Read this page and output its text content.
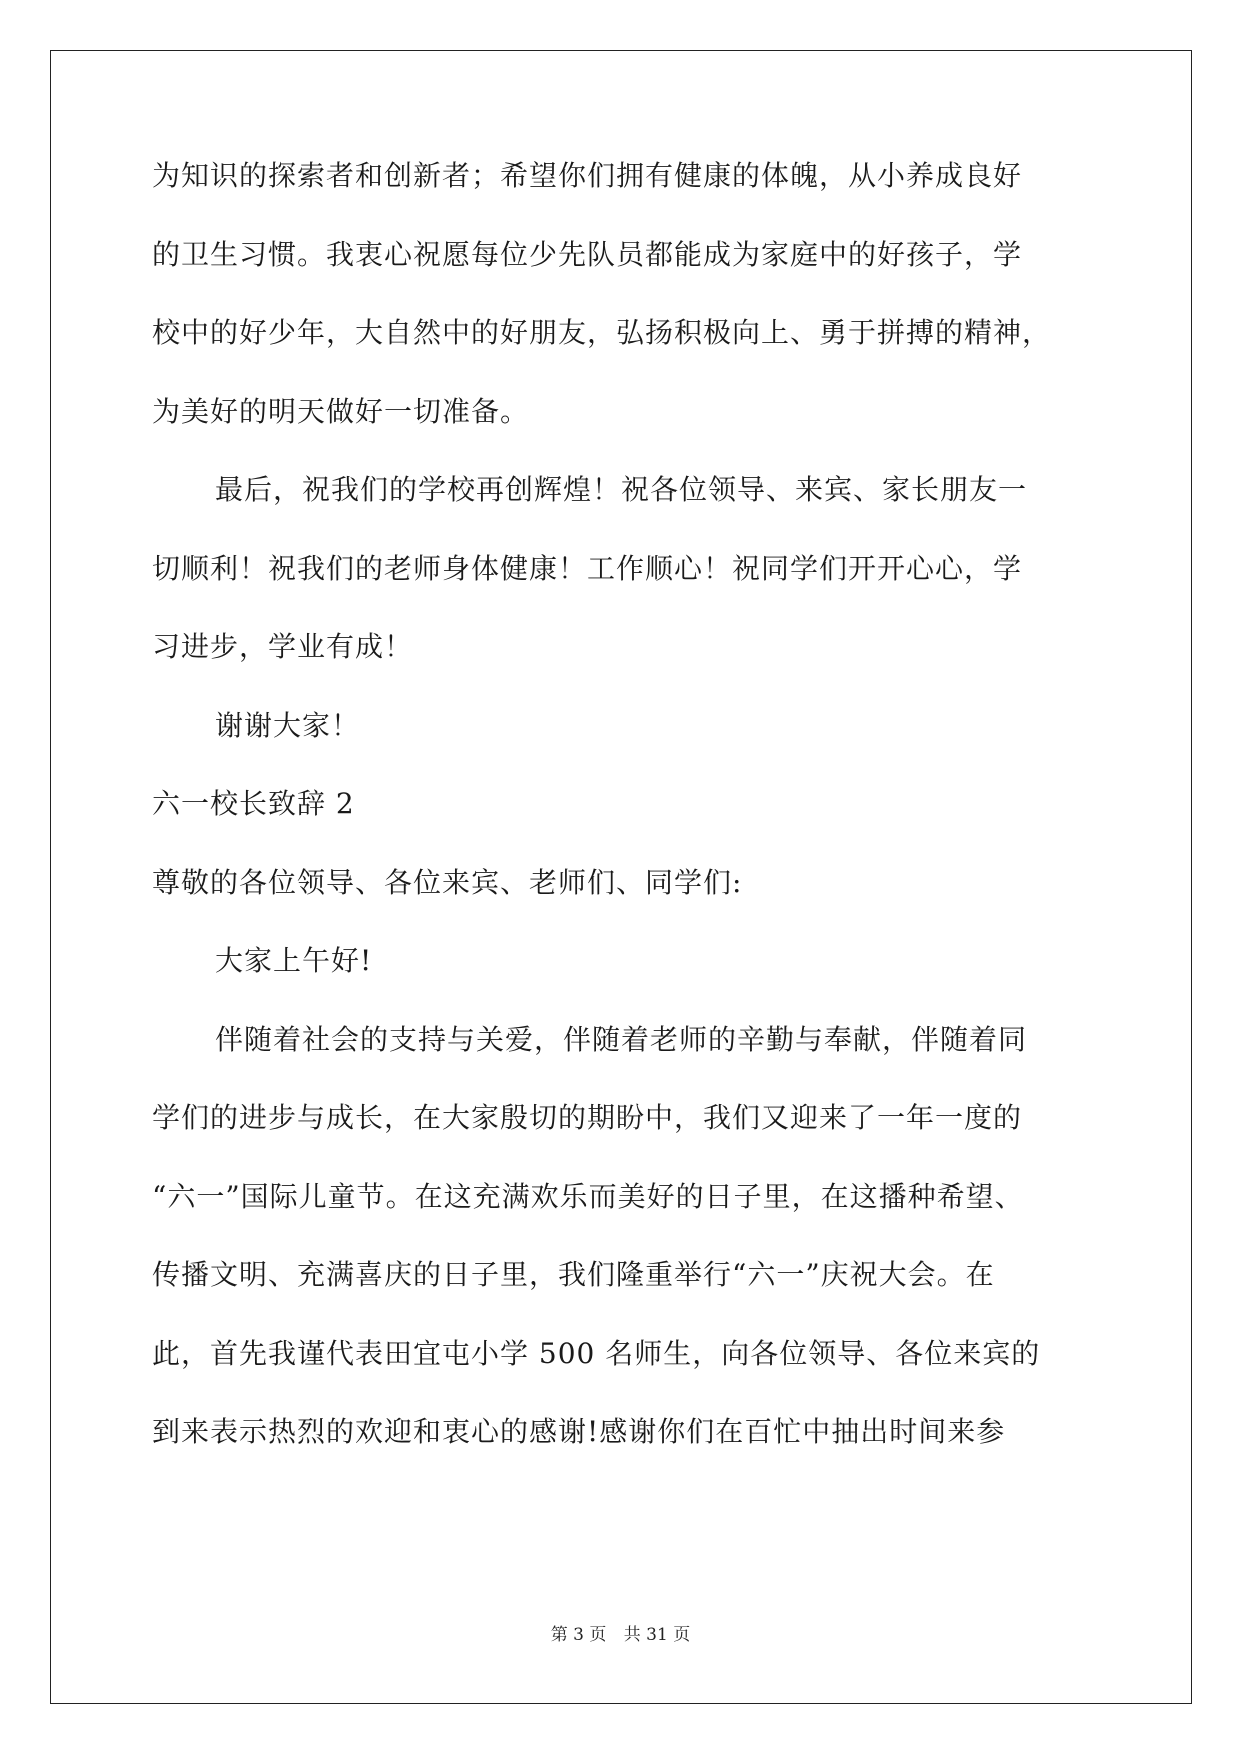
为知识的探索者和创新者；希望你们拥有健康的体魄，从小养成良好
的卫生习惯。我衷心祝愿每位少先队员都能成为家庭中的好孩子，学
校中的好少年，大自然中的好朋友，弘扬积极向上、勇于拼搏的精神，
为美好的明天做好一切准备。
最后，祝我们的学校再创辉煌！祝各位领导、来宾、家长朋友一
切顺利！祝我们的老师身体健康！工作顺心！祝同学们开开心心，学
习进步，学业有成！
谢谢大家！
六一校长致辞 2
尊敬的各位领导、各位来宾、老师们、同学们:
大家上午好!
伴随着社会的支持与关爱，伴随着老师的辛勤与奉献，伴随着同
学们的进步与成长，在大家殷切的期盼中，我们又迎来了一年一度的
“六一”国际儿童节。在这充满欢乐而美好的日子里，在这播种希望、
传播文明、充满喜庆的日子里，我们隆重举行“六一”庆祝大会。在
此，首先我谨代表田宜屯小学 500 名师生，向各位领导、各位来宾的
到来表示热烈的欢迎和衷心的感谢!感谢你们在百忙中抽出时间来参
第 3 页 共 31 页
